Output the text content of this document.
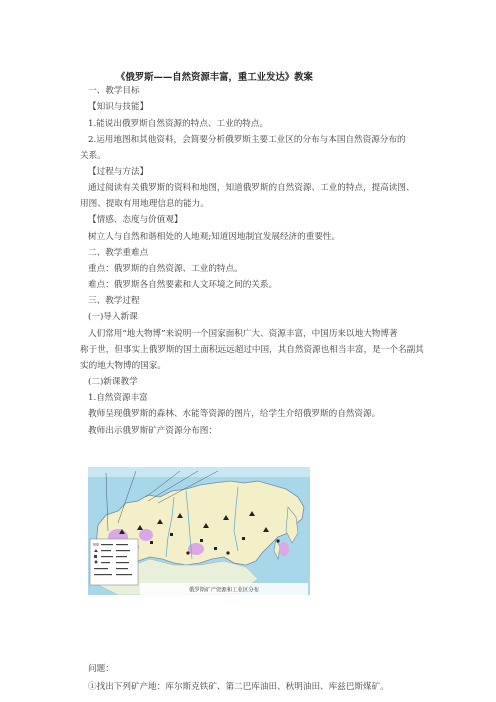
《俄罗斯——自然资源丰富，重工业发达》教案
一、教学目标
【知识与技能】
1.能说出俄罗斯自然资源的特点、工业的特点。
2.运用地图和其他资料，会简要分析俄罗斯主要工业区的分布与本国自然资源分布的
关系。
【过程与方法】
通过阅读有关俄罗斯的资料和地图，知道俄罗斯的自然资源、工业的特点，提高读图、
用图、提取有用地理信息的能力。
【情感、态度与价值观】
树立人与自然和谐相处的人地观;知道因地制宜发展经济的重要性。
二、教学重难点
重点：俄罗斯的自然资源、工业的特点。
难点：俄罗斯各自然要素和人文环境之间的关系。
三、教学过程
(一)导入新课
人们常用“地大物博”来说明一个国家面积广大、资源丰富，中国历来以地大物博著
称于世，但事实上俄罗斯的国土面积远远超过中国，其自然资源也相当丰富，是一个名副其
实的地大物博的国家。
(二)新课教学
1.自然资源丰富
教师呈现俄罗斯的森林、水能等资源的图片，给学生介绍俄罗斯的自然资源。
教师出示俄罗斯矿产资源分布图：
俄罗斯矿产资源和工业区分布
问题：
①找出下列矿产地：库尔斯克铁矿、第二巴库油田、秋明油田、库兹巴斯煤矿。
